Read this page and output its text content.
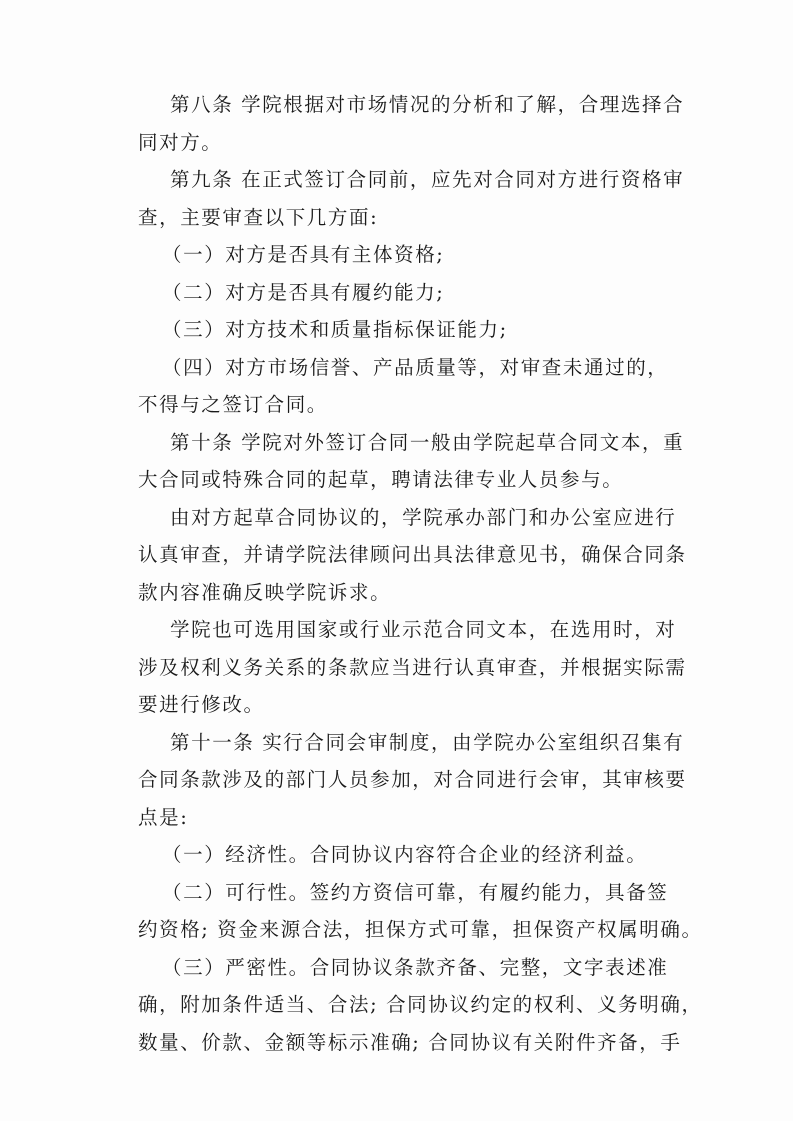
第八条 学院根据对市场情况的分析和了解，合理选择合
同对方。
第九条 在正式签订合同前，应先对合同对方进行资格审
查，主要审查以下几方面:
（一）对方是否具有主体资格;
（二）对方是否具有履约能力;
（三）对方技术和质量指标保证能力;
（四）对方市场信誉、产品质量等，对审查未通过的，
不得与之签订合同。
第十条 学院对外签订合同一般由学院起草合同文本，重
大合同或特殊合同的起草，聘请法律专业人员参与。
由对方起草合同协议的，学院承办部门和办公室应进行
认真审查，并请学院法律顾问出具法律意见书，确保合同条
款内容准确反映学院诉求。
学院也可选用国家或行业示范合同文本，在选用时，对
涉及权利义务关系的条款应当进行认真审查，并根据实际需
要进行修改。
第十一条 实行合同会审制度，由学院办公室组织召集有
合同条款涉及的部门人员参加，对合同进行会审，其审核要
点是:
（一）经济性。合同协议内容符合企业的经济利益。
（二）可行性。签约方资信可靠，有履约能力，具备签
约资格; 资金来源合法，担保方式可靠，担保资产权属明确。
（三）严密性。合同协议条款齐备、完整，文字表述准
确，附加条件适当、合法; 合同协议约定的权利、义务明确，
数量、价款、金额等标示准确; 合同协议有关附件齐备，手
